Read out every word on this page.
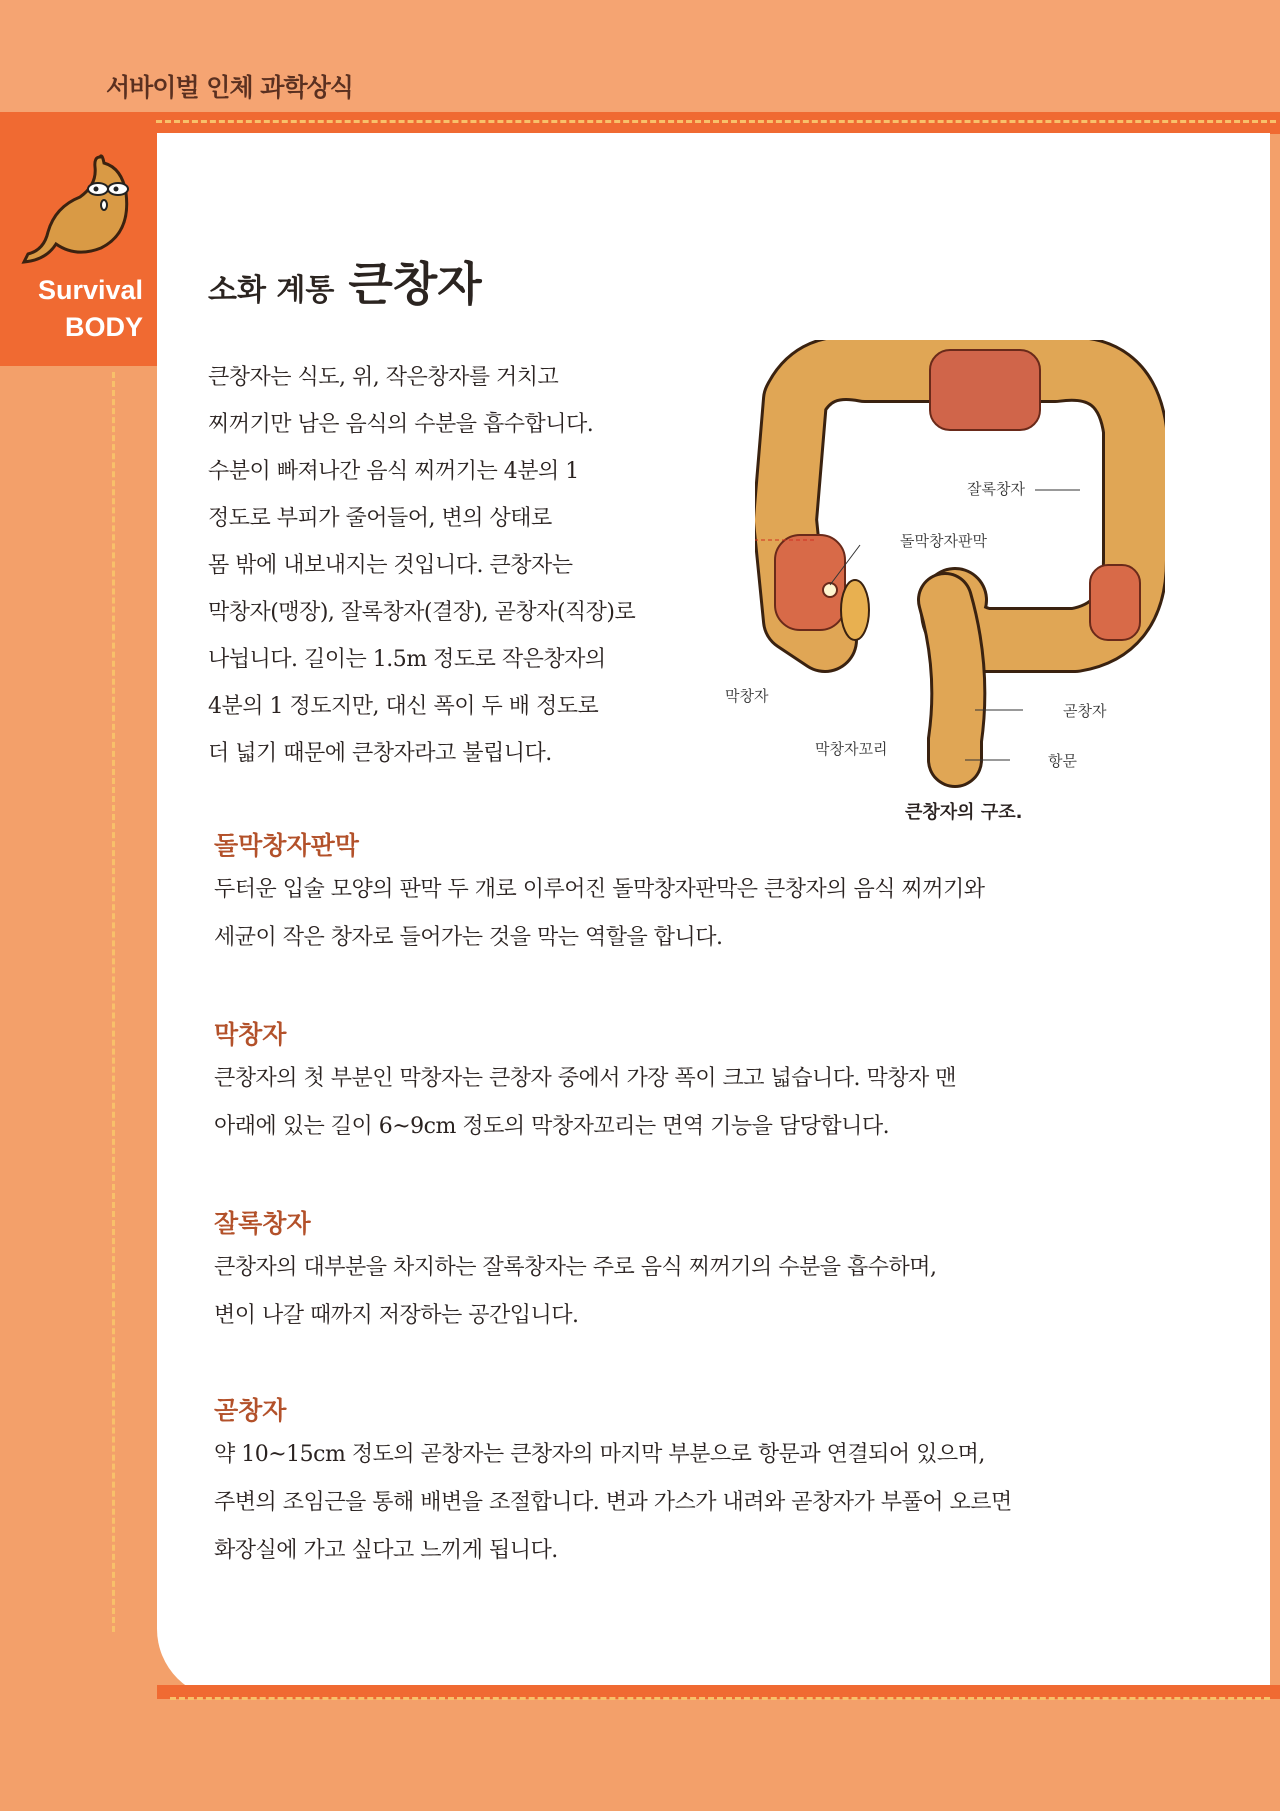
서바이벌 인체 과학상식
Survival
BODY
소화 계통 큰창자

큰창자는 식도, 위, 작은창자를 거치고

찌꺼기만 남은 음식의 수분을 흡수합니다.

수분이 빠져나간 음식 찌꺼기는 4분의 1

정도로 부피가 줄어들어, 변의 상태로

몸 밖에 내보내지는 것입니다. 큰창자는

막창자(맹장), 잘록창자(결장), 곧창자(직장)로

나뉩니다. 길이는 1.5m 정도로 작은창자의

4분의 1 정도지만, 대신 폭이 두 배 정도로

더 넓기 때문에 큰창자라고 불립니다.

잘록창자
돌막창자판막
막창자
막창자꼬리
곧창자
항문
큰창자의 구조.
돌막창자판막

두터운 입술 모양의 판막 두 개로 이루어진 돌막창자판막은 큰창자의 음식 찌꺼기와

세균이 작은 창자로 들어가는 것을 막는 역할을 합니다.

막창자

큰창자의 첫 부분인 막창자는 큰창자 중에서 가장 폭이 크고 넓습니다. 막창자 맨

아래에 있는 길이 6~9cm 정도의 막창자꼬리는 면역 기능을 담당합니다.

잘록창자

큰창자의 대부분을 차지하는 잘록창자는 주로 음식 찌꺼기의 수분을 흡수하며,

변이 나갈 때까지 저장하는 공간입니다.

곧창자

약 10~15cm 정도의 곧창자는 큰창자의 마지막 부분으로 항문과 연결되어 있으며,

주변의 조임근을 통해 배변을 조절합니다. 변과 가스가 내려와 곧창자가 부풀어 오르면

화장실에 가고 싶다고 느끼게 됩니다.
